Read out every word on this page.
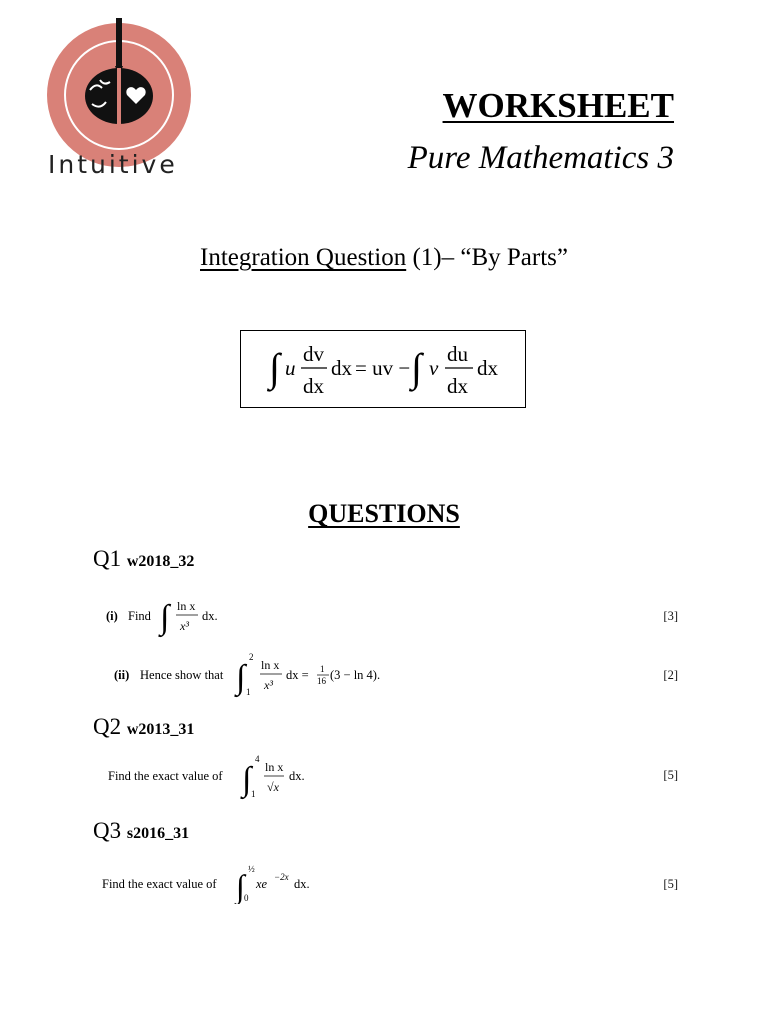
Intuitive
WORKSHEET
Pure Mathematics 3
Integration Question (1)– “By Parts”
∫ u
dv
dx
dx = uv − ∫ v
du
dx
dx
QUESTIONS
Q1 w2018_32
(i) Find ∫ ln x
x³
dx.	[3]
(ii) Hence show that ∫
2
1
ln x
x³
dx = 1
16 (3 − ln 4).	[2]
Q2 w2013_31
Find the exact value of ∫
4
1
ln x
√x
dx.	[5]
Q3 s2016_31
Find the exact value of ∫ ½
0
xe −2x dx.	[5]
